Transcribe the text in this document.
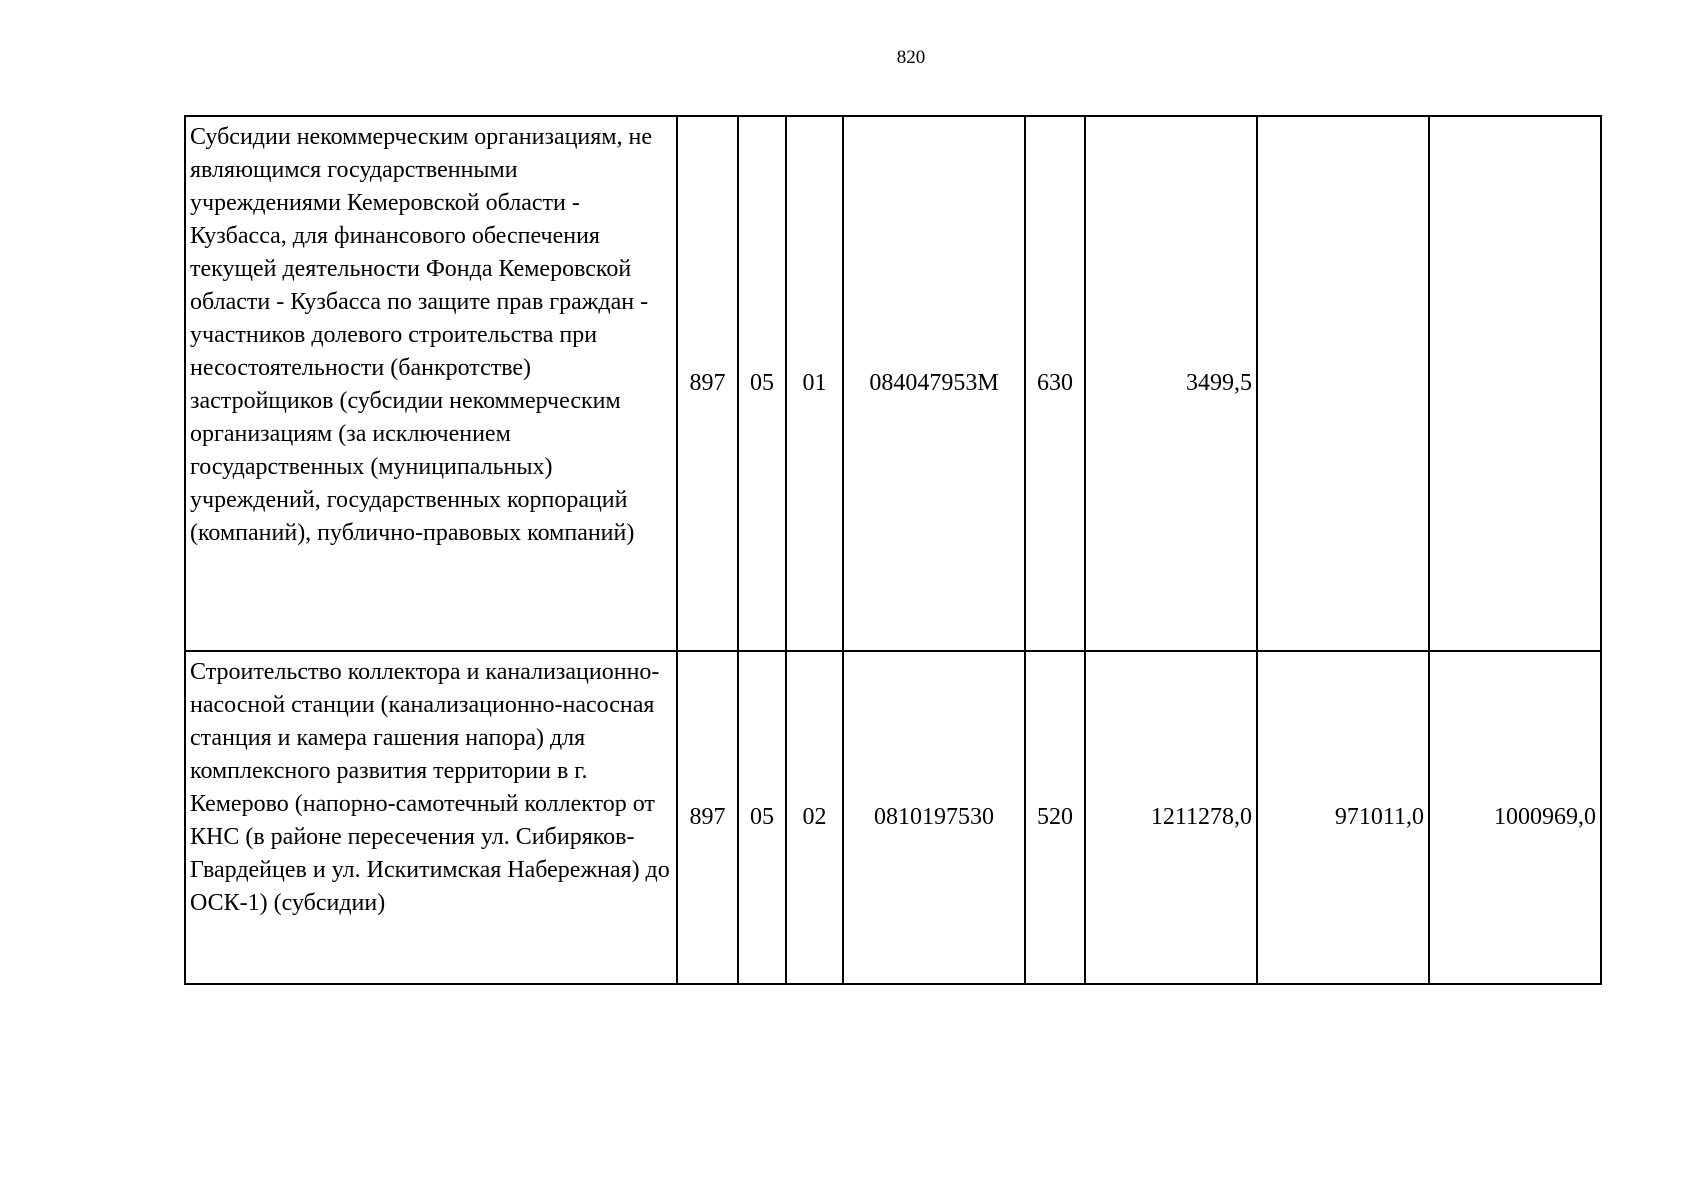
820
Субсидии некоммерческим организациям, не являющимся государственными учреждениями Кемеровской области - Кузбасса, для финансового обеспечения текущей деятельности Фонда Кемеровской области - Кузбасса по защите прав граждан - участников долевого строительства при несостоятельности (банкротстве) застройщиков (субсидии некоммерческим организациям (за исключением государственных (муниципальных) учреждений, государственных корпораций (компаний), публично-правовых компаний)	897	05	01	084047953М	630	3499,5		
Строительство коллектора и канализационно-насосной станции (канализационно-насосная станция и камера гашения напора) для комплексного развития территории в г. Кемерово (напорно-самотечный коллектор от КНС (в районе пересечения ул. Сибиряков-Гвардейцев и ул. Искитимская Набережная) до ОСК-1) (субсидии)	897	05	02	0810197530	520	1211278,0	971011,0	1000969,0
